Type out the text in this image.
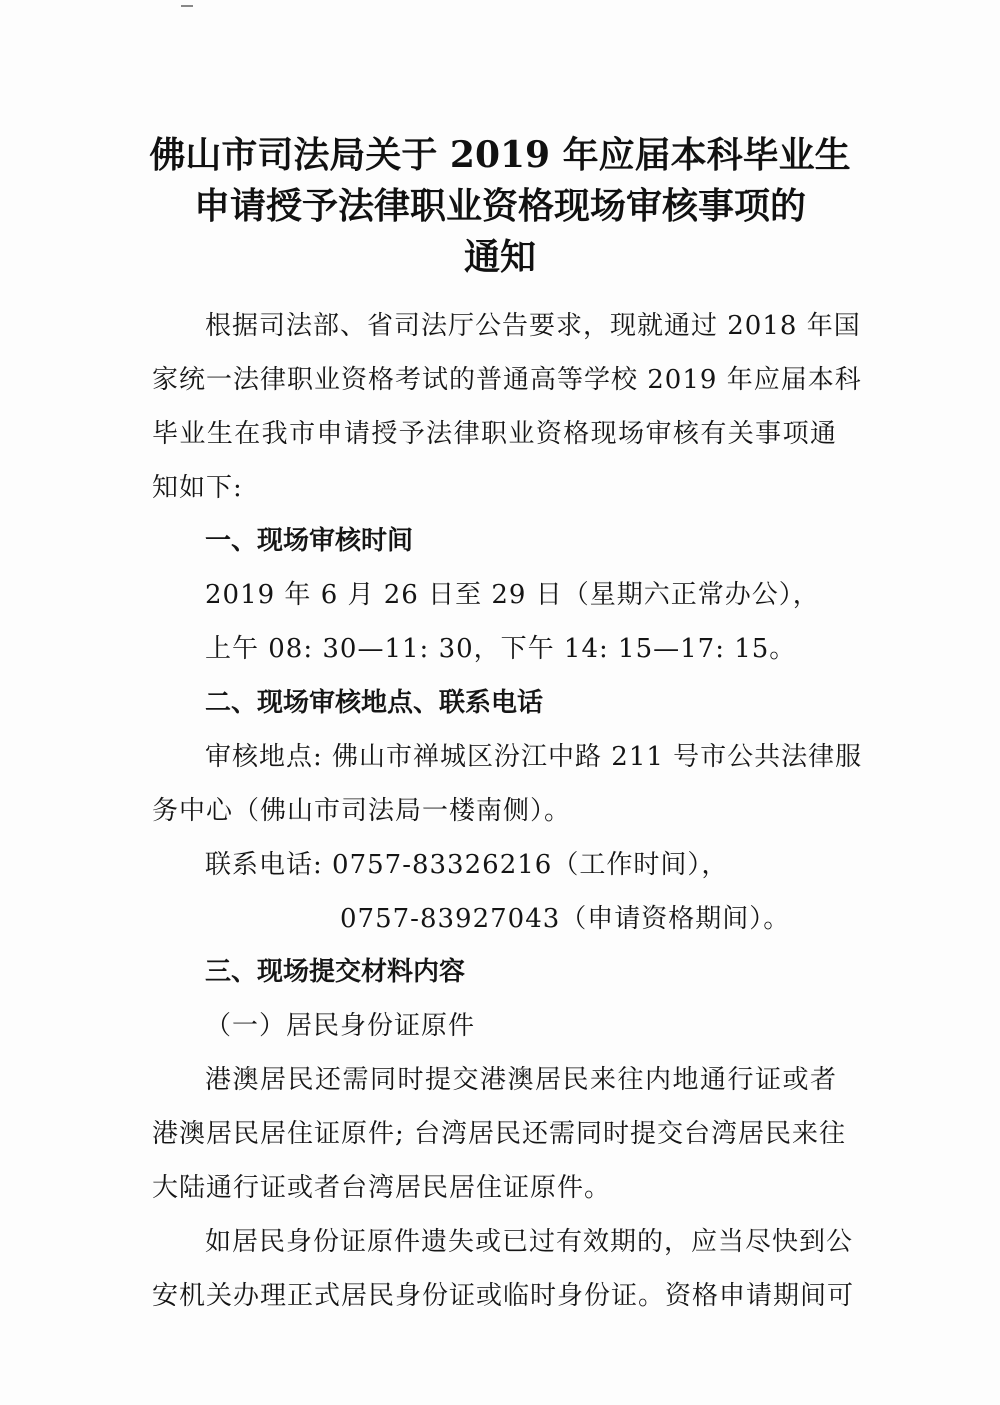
佛山市司法局关于 2019 年应届本科毕业生
申请授予法律职业资格现场审核事项的
通知
根据司法部、省司法厅公告要求，现就通过 2018 年国
家统一法律职业资格考试的普通高等学校 2019 年应届本科
毕业生在我市申请授予法律职业资格现场审核有关事项通
知如下:
一、现场审核时间
2019 年 6 月 26 日至 29 日（星期六正常办公），
上午 08: 30—11: 30，下午 14: 15—17: 15。
二、现场审核地点、联系电话
审核地点: 佛山市禅城区汾江中路 211 号市公共法律服
务中心（佛山市司法局一楼南侧）。
联系电话: 0757-83326216（工作时间），
0757-83927043（申请资格期间）。
三、现场提交材料内容
（一）居民身份证原件
港澳居民还需同时提交港澳居民来往内地通行证或者
港澳居民居住证原件; 台湾居民还需同时提交台湾居民来往
大陆通行证或者台湾居民居住证原件。
如居民身份证原件遗失或已过有效期的，应当尽快到公
安机关办理正式居民身份证或临时身份证。资格申请期间可
